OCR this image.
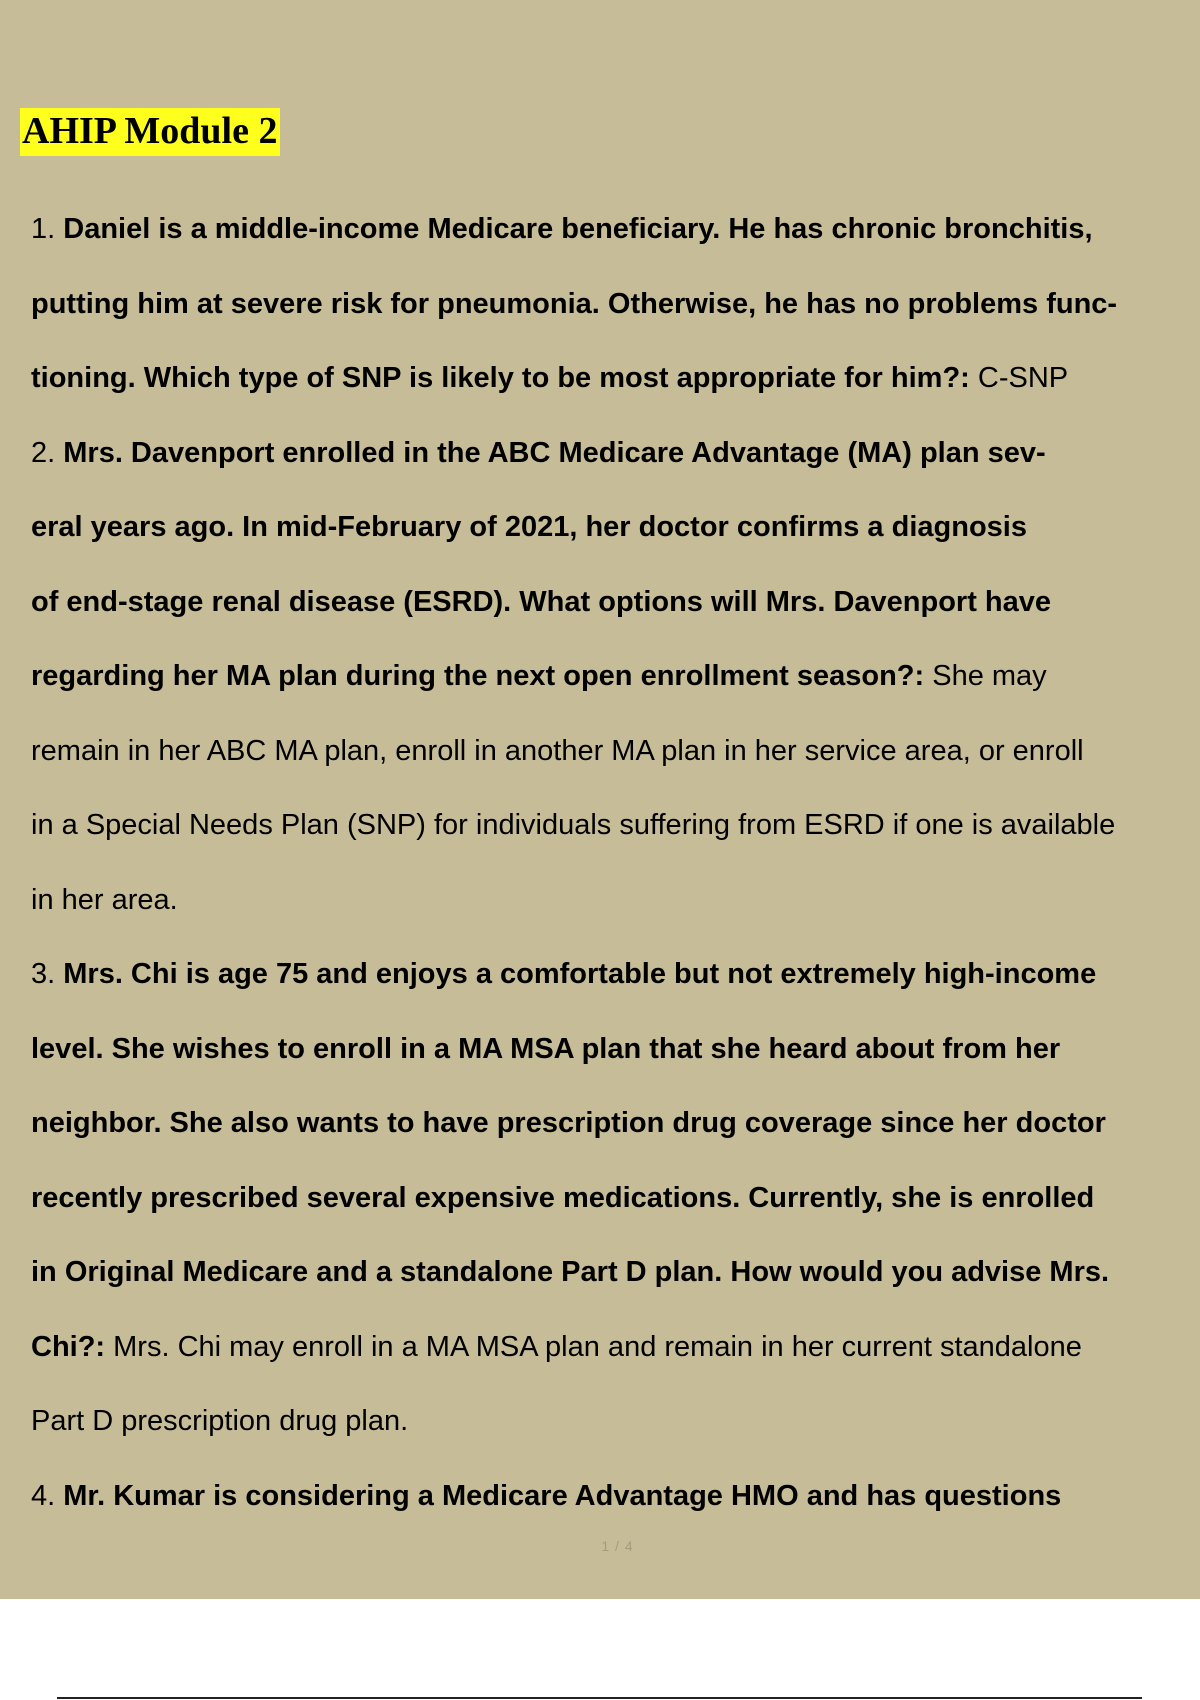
AHIP Module 2
1. Daniel is a middle-income Medicare beneficiary. He has chronic bronchitis,
putting him at severe risk for pneumonia. Otherwise, he has no problems func-
tioning. Which type of SNP is likely to be most appropriate for him?: C-SNP
2. Mrs. Davenport enrolled in the ABC Medicare Advantage (MA) plan sev-
eral years ago. In mid-February of 2021, her doctor confirms a diagnosis
of end-stage renal disease (ESRD). What options will Mrs. Davenport have
regarding her MA plan during the next open enrollment season?: She may
remain in her ABC MA plan, enroll in another MA plan in her service area, or enroll
in a Special Needs Plan (SNP) for individuals suffering from ESRD if one is available
in her area.
3. Mrs. Chi is age 75 and enjoys a comfortable but not extremely high-income
level. She wishes to enroll in a MA MSA plan that she heard about from her
neighbor. She also wants to have prescription drug coverage since her doctor
recently prescribed several expensive medications. Currently, she is enrolled
in Original Medicare and a standalone Part D plan. How would you advise Mrs.
Chi?: Mrs. Chi may enroll in a MA MSA plan and remain in her current standalone
Part D prescription drug plan.
4. Mr. Kumar is considering a Medicare Advantage HMO and has questions
1 / 4
